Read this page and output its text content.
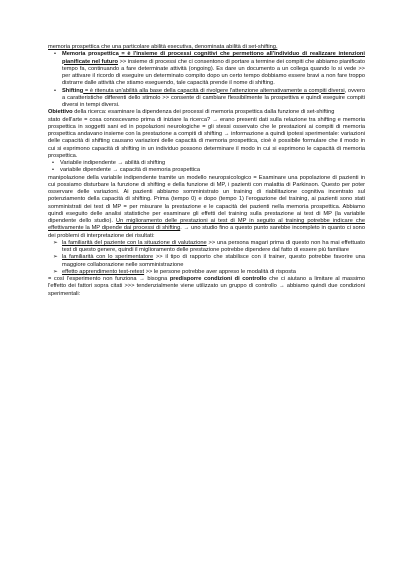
memoria prospettica che una particolare abilità esecutiva, denominata abilità di set-shifting.

• Memoria prospettica = è l'insieme di processi cognitivi che permettono all'individuo di realizzare intenzioni pianificate nel futuro >> insieme di processi che ci consentono di portare a termine dei compiti che abbiamo pianificato tempo fa, continuando a fare determinate attività (ongoing). Es dare un documento a un collega quando lo si vede >> per attivare il ricordo di eseguire un determinato compito dopo un certo tempo dobbiamo essere bravi a non fare troppo distrarre dalle attività che stiamo eseguendo, tale capacità prende il nome di shifting.
• Shifting = è ritenuta un'abilità alla base della capacità di rivolgere l'attenzione alternativamente a compiti diversi, ovvero a caratteristiche differenti dello stimolo >> consente di cambiare flessibilmente la prospettiva e quindi eseguire compiti diversi in tempi diversi.

Obiettivo della ricerca: esaminare la dipendenza dei processi di memoria prospettica dalla funzione di set-shifting

stato dell'arte = cosa conoscevamo prima di iniziare la ricerca? → erano presenti dati sulla relazione tra shifting e memoria prospettica in soggetti sani ed in popolazioni neurologiche = gli stessi osservato che le prestazioni ai compiti di memoria prospettica andavano insieme con la prestazione a compiti di shifting → informazione a quindi ipotesi sperimentale: variazioni delle capacità di shifting causano variazioni delle capacità di memoria prospettica, cioè è possibile formulare che il modo in cui si esprimono capacità di shifting in un individuo possono determinare il modo in cui si esprimono le capacità di memoria prospettica.

• Variabile indipendente → abilità di shifting
• variabile dipendente → capacità di memoria prospettica

manipolazione della variabile indipendente tramite un modello neuropsicologico = Esaminare una popolazione di pazienti in cui possiamo disturbare la funzione di shifting e della funzione di MP, i pazienti con malattia di Parkinson. Questo per poter osservare delle variazioni. Ai pazienti abbiamo somministrato un training di riabilitazione cognitiva incentrato sul potenziamento della capacità di shifting. Prima (tempo 0) e dopo (tempo 1) l'erogazione del training, ai pazienti sono stati somministrati dei test di MP = per misurare la prestazione e le capacità dei pazienti nella memoria prospettica. Abbiamo quindi eseguito delle analisi statistiche per esaminare gli effetti del training sulla prestazione ai test di MP (la variabile dipendente dello studio). Un miglioramento delle prestazioni ai test di MP in seguito al training potrebbe indicare che effettivamente la MP dipende dai processi di shifting. → uno studio fino a questo punto sarebbe incompleto in quanto ci sono dei problemi di interpretazione dei risultati:

➢ la familiarità del paziente con la situazione di valutazione >> una persona magari prima di questo non ha mai effettuato test di questo genere, quindi il miglioramento delle prestazione potrebbe dipendere dal fatto di essere più familiare
➢ la familiarità con lo sperimentatore >> il tipo di rapporto che stabilisce con il trainer, questo potrebbe favorire una maggiore collaborazione nelle somministrazione
➢ effetto apprendimento test-retest >> le persone potrebbe aver appreso le modalità di risposta

= così l'esperimento non funziona → bisogna predisporre condizioni di controllo che ci aiutano a limitare al massimo l'effetto dei fattori sopra citati >>> tendenzialmente viene utilizzato un gruppo di controllo → abbiamo quindi due condizioni sperimentali:
